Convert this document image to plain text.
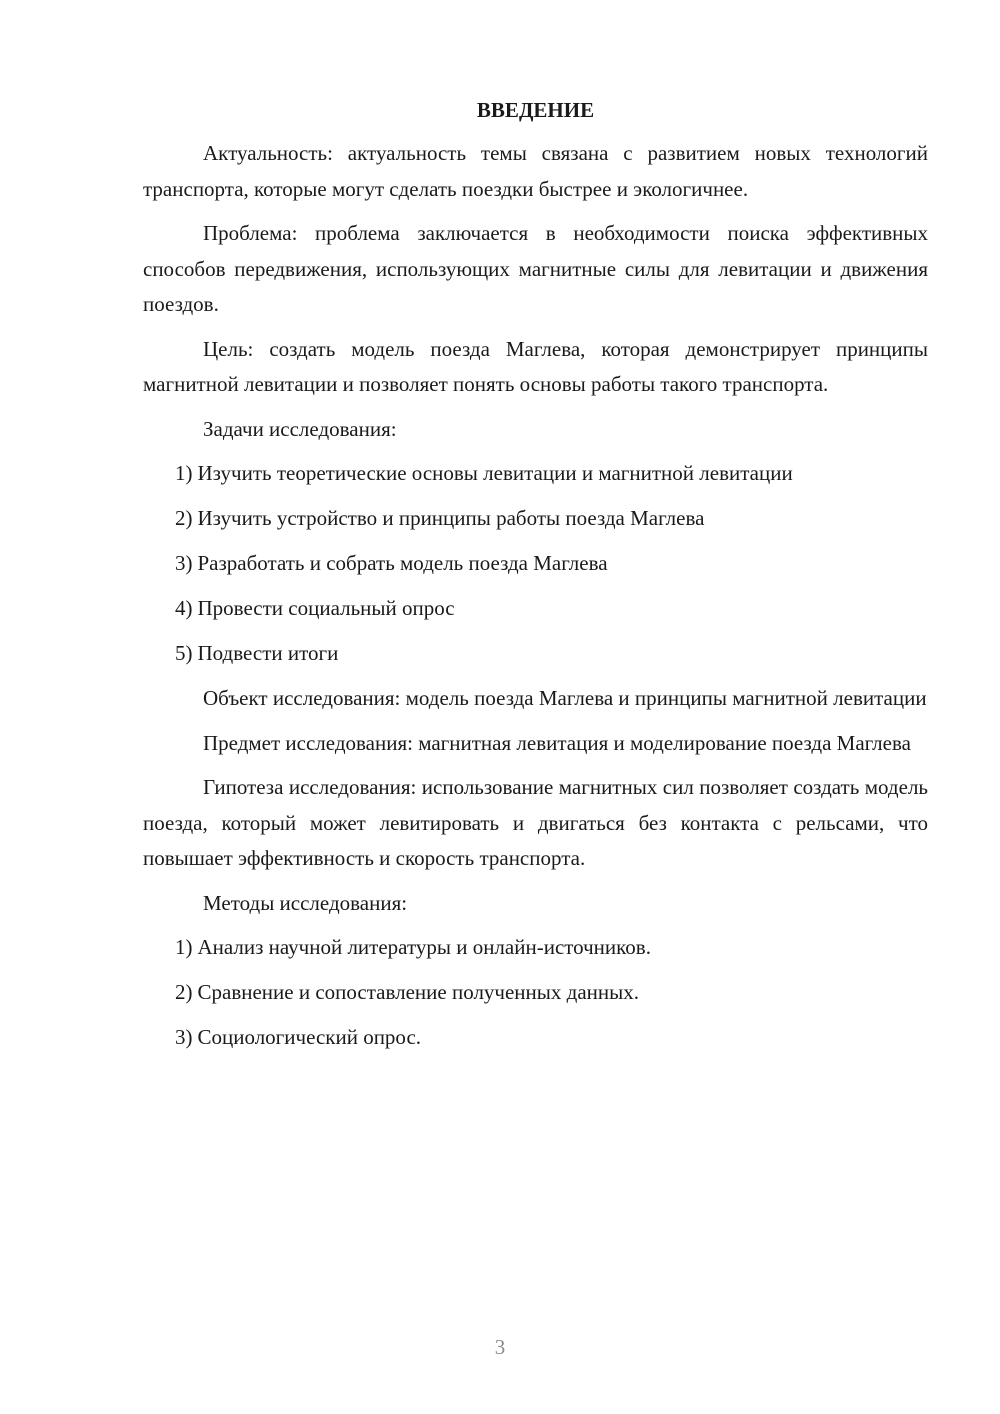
ВВЕДЕНИЕ

Актуальность: актуальность темы связана с развитием новых технологий транспорта, которые могут сделать поездки быстрее и экологичнее.

Проблема: проблема заключается в необходимости поиска эффективных способов передвижения, использующих магнитные силы для левитации и движения поездов.

Цель: создать модель поезда Маглева, которая демонстрирует принципы магнитной левитации и позволяет понять основы работы такого транспорта.

Задачи исследования:

1) Изучить теоретические основы левитации и магнитной левитации
2) Изучить устройство и принципы работы поезда Маглева
3) Разработать и собрать модель поезда Маглева
4) Провести социальный опрос
5) Подвести итоги

Объект исследования: модель поезда Маглева и принципы магнитной левитации

Предмет исследования: магнитная левитация и моделирование поезда Маглева

Гипотеза исследования: использование магнитных сил позволяет создать модель поезда, который может левитировать и двигаться без контакта с рельсами, что повышает эффективность и скорость транспорта.

Методы исследования:

1) Анализ научной литературы и онлайн-источников.
2) Сравнение и сопоставление полученных данных.
3) Социологический опрос.
3
